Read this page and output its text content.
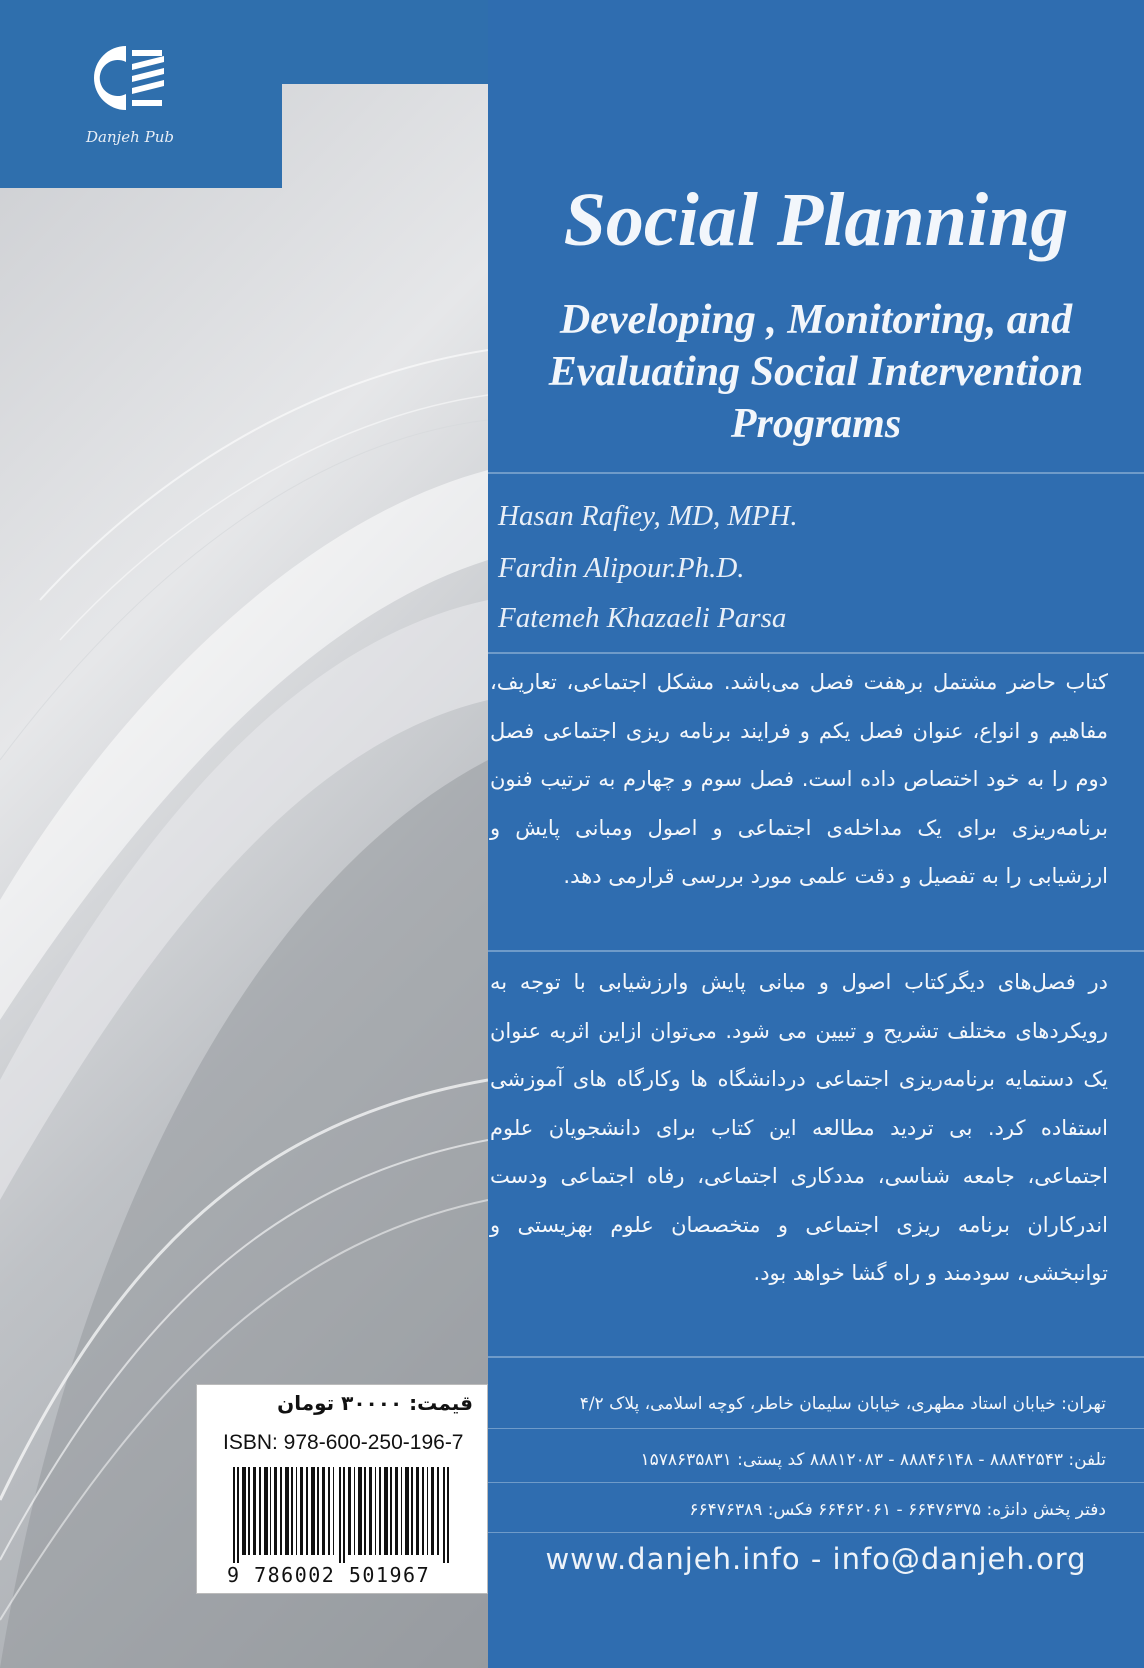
Danjeh Pub
Social Planning
Developing , Monitoring, and
Evaluating Social Intervention
Programs
Hasan Rafiey, MD, MPH.
Fardin Alipour.Ph.D.
Fatemeh Khazaeli Parsa
کتاب حاضر مشتمل برهفت فصل می‌باشد. مشکل اجتماعی، تعاریف، مفاهیم و انواع، عنوان فصل یکم و فرایند برنامه ریزی اجتماعی فصل دوم را به خود اختصاص داده است. فصل سوم و چهارم به ترتیب فنون برنامه‌ریزی برای یک مداخله‌ی اجتماعی و اصول ومبانی پایش و ارزشیابی را به تفصیل و دقت علمی مورد بررسی قرارمی دهد.
در فصل‌های دیگرکتاب اصول و مبانی پایش وارزشیابی با توجه به رویکردهای مختلف تشریح و تبیین می شود. می‌توان ازاین اثربه عنوان یک دستمایه برنامه‌ریزی اجتماعی دردانشگاه ها وکارگاه های آموزشی استفاده کرد. بی تردید مطالعه این کتاب برای دانشجویان علوم اجتماعی، جامعه شناسی، مددکاری اجتماعی، رفاه اجتماعی ودست اندرکاران برنامه ریزی اجتماعی و متخصصان علوم بهزیستی و توانبخشی، سودمند و راه گشا خواهد بود.
تهران: خیابان استاد مطهری، خیابان سلیمان خاطر، کوچه اسلامی، پلاک ۴/۲
تلفن: ۸۸۸۴۲۵۴۳ - ۸۸۸۴۶۱۴۸ - ۸۸۸۱۲۰۸۳ کد پستی: ۱۵۷۸۶۳۵۸۳۱
دفتر پخش دانژه: ۶۶۴۷۶۳۷۵ - ۶۶۴۶۲۰۶۱ فکس: ۶۶۴۷۶۳۸۹
www.danjeh.info - info@danjeh.org
قیمت: ۳۰۰۰۰ تومان
ISBN: 978-600-250-196-7
9 786002 501967
